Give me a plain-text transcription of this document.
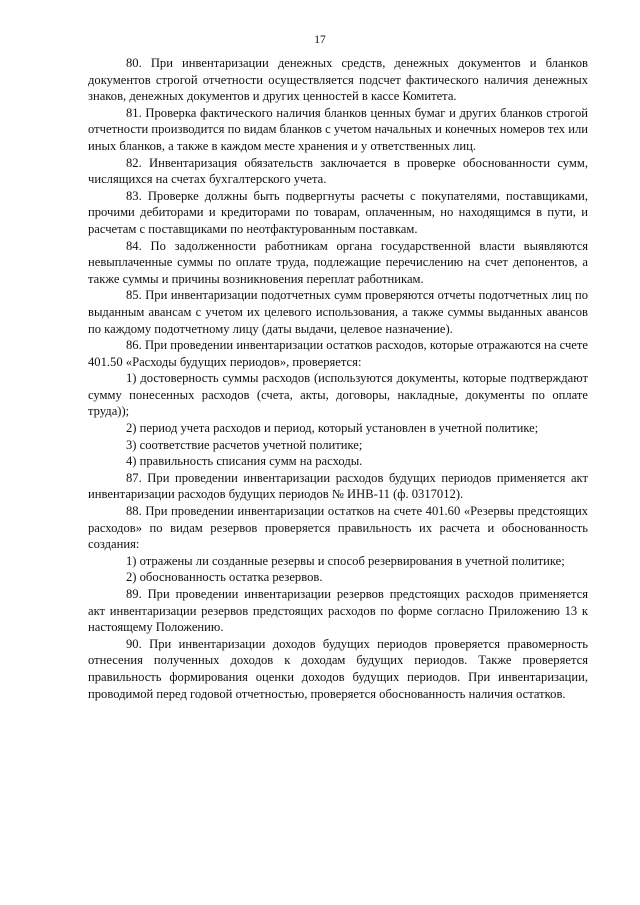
17

80. При инвентаризации денежных средств, денежных документов и бланков документов строгой отчетности осуществляется подсчет фактического наличия денежных знаков, денежных документов и других ценностей в кассе Комитета.

81. Проверка фактического наличия бланков ценных бумаг и других бланков строгой отчетности производится по видам бланков с учетом начальных и конечных номеров тех или иных бланков, а также в каждом месте хранения и у ответственных лиц.

82. Инвентаризация обязательств заключается в проверке обоснованности сумм, числящихся на счетах бухгалтерского учета.

83. Проверке должны быть подвергнуты расчеты с покупателями, поставщиками, прочими дебиторами и кредиторами по товарам, оплаченным, но находящимся в пути, и расчетам с поставщиками по неотфактурованным поставкам.

84. По задолженности работникам органа государственной власти выявляются невыплаченные суммы по оплате труда, подлежащие перечислению на счет депонентов, а также суммы и причины возникновения переплат работникам.

85. При инвентаризации подотчетных сумм проверяются отчеты подотчетных лиц по выданным авансам с учетом их целевого использования, а также суммы выданных авансов по каждому подотчетному лицу (даты выдачи, целевое назначение).

86. При проведении инвентаризации остатков расходов, которые отражаются на счете 401.50 «Расходы будущих периодов», проверяется:

1) достоверность суммы расходов (используются документы, которые подтверждают сумму понесенных расходов (счета, акты, договоры, накладные, документы по оплате труда));

2) период учета расходов и период, который установлен в учетной политике;

3) соответствие расчетов учетной политике;

4) правильность списания сумм на расходы.

87. При проведении инвентаризации расходов будущих периодов применяется акт инвентаризации расходов будущих периодов № ИНВ-11 (ф. 0317012).

88. При проведении инвентаризации остатков на счете 401.60 «Резервы предстоящих расходов» по видам резервов проверяется правильность их расчета и обоснованность создания:

1) отражены ли созданные резервы и способ резервирования в учетной политике;

2) обоснованность остатка резервов.

89. При проведении инвентаризации резервов предстоящих расходов применяется акт инвентаризации резервов предстоящих расходов по форме согласно Приложению 13 к настоящему Положению.

90. При инвентаризации доходов будущих периодов проверяется правомерность отнесения полученных доходов к доходам будущих периодов. Также проверяется правильность формирования оценки доходов будущих периодов. При инвентаризации, проводимой перед годовой отчетностью, проверяется обоснованность наличия остатков.
